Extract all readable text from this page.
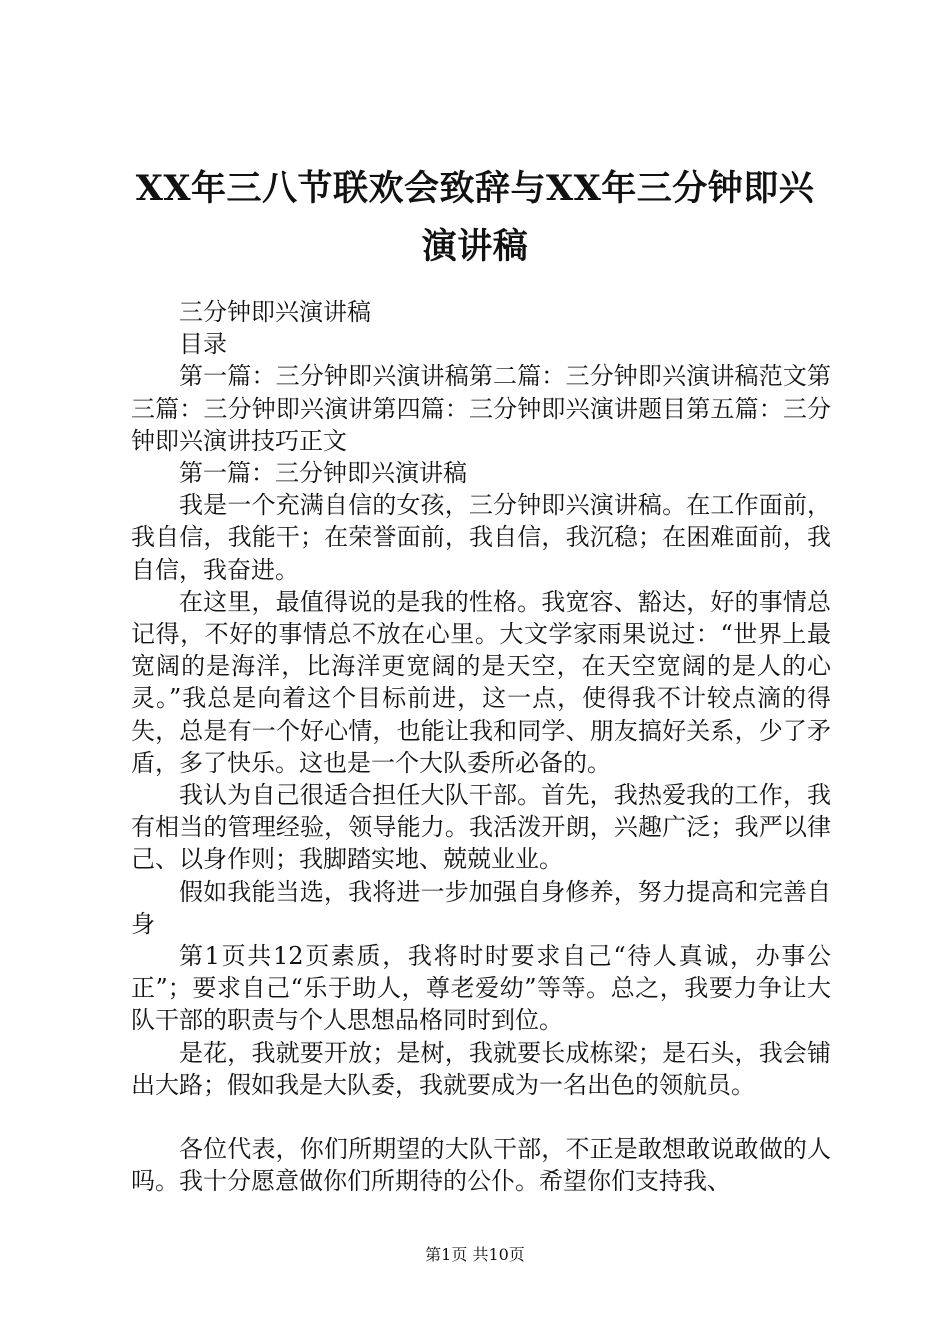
XX年三八节联欢会致辞与XX年三分钟即兴演讲稿

三分钟即兴演讲稿

目录

第一篇：三分钟即兴演讲稿第二篇：三分钟即兴演讲稿范文第三篇：三分钟即兴演讲第四篇：三分钟即兴演讲题目第五篇：三分钟即兴演讲技巧正文

第一篇：三分钟即兴演讲稿

我是一个充满自信的女孩，三分钟即兴演讲稿。在工作面前，我自信，我能干；在荣誉面前，我自信，我沉稳；在困难面前，我自信，我奋进。

在这里，最值得说的是我的性格。我宽容、豁达，好的事情总记得，不好的事情总不放在心里。大文学家雨果说过：“世界上最宽阔的是海洋，比海洋更宽阔的是天空，在天空宽阔的是人的心灵。”我总是向着这个目标前进，这一点，使得我不计较点滴的得失，总是有一个好心情，也能让我和同学、朋友搞好关系，少了矛盾，多了快乐。这也是一个大队委所必备的。

我认为自己很适合担任大队干部。首先，我热爱我的工作，我有相当的管理经验，领导能力。我活泼开朗，兴趣广泛；我严以律己、以身作则；我脚踏实地、兢兢业业。

假如我能当选，我将进一步加强自身修养，努力提高和完善自身

第1页共12页素质，我将时时要求自己“待人真诚，办事公正”；要求自己“乐于助人，尊老爱幼”等等。总之，我要力争让大队干部的职责与个人思想品格同时到位。

是花，我就要开放；是树，我就要长成栋梁；是石头，我会铺出大路；假如我是大队委，我就要成为一名出色的领航员。

各位代表，你们所期望的大队干部，不正是敢想敢说敢做的人吗。我十分愿意做你们所期待的公仆。希望你们支持我、

第1页 共10页
